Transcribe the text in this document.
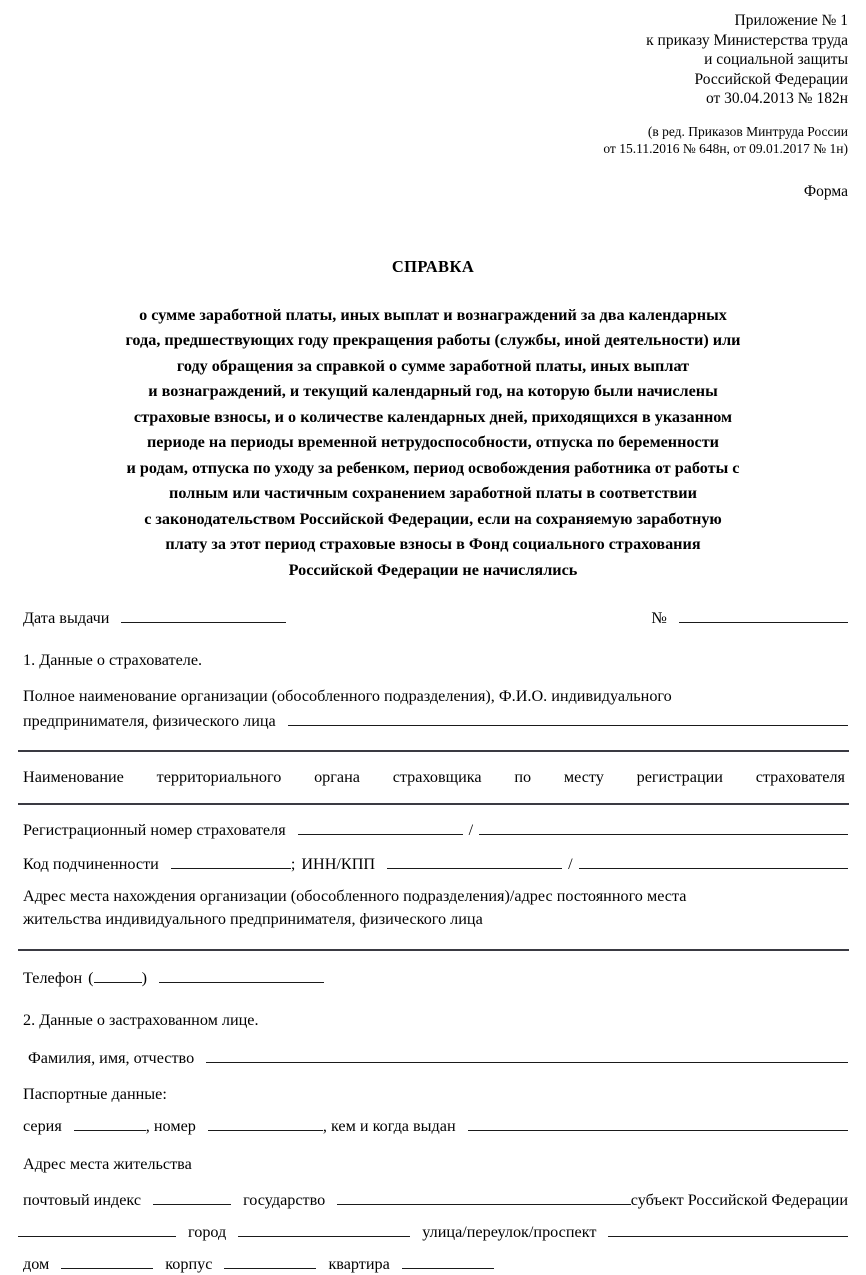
Приложение № 1
к приказу Министерства труда
и социальной защиты
Российской Федерации
от 30.04.2013 № 182н
(в ред. Приказов Минтруда России
от 15.11.2016 № 648н, от 09.01.2017 № 1н)
Форма
СПРАВКА
о сумме заработной платы, иных выплат и вознаграждений за два календарных
года, предшествующих году прекращения работы (службы, иной деятельности) или
году обращения за справкой о сумме заработной платы, иных выплат
и вознаграждений, и текущий календарный год, на которую были начислены
страховые взносы, и о количестве календарных дней, приходящихся в указанном
периоде на периоды временной нетрудоспособности, отпуска по беременности
и родам, отпуска по уходу за ребенком, период освобождения работника от работы с
полным или частичным сохранением заработной платы в соответствии
с законодательством Российской Федерации, если на сохраняемую заработную
плату за этот период страховые взносы в Фонд социального страхования
Российской Федерации не начислялись
Дата выдачи	№
1. Данные о страхователе.
Полное наименование организации (обособленного подразделения), Ф.И.О. индивидуального
предпринимателя, физического лица
Наименование территориального органа страховщика по месту регистрации страхователя
Регистрационный номер страхователя	/
Код подчиненности	; ИНН/КПП	/
Адрес места нахождения организации (обособленного подразделения)/адрес постоянного места
жительства индивидуального предпринимателя, физического лица
Телефон (	)
2. Данные о застрахованном лице.
Фамилия, имя, отчество
Паспортные данные:
серия	, номер	, кем и когда выдан
Адрес места жительства
почтовый индекс	государство	субъект Российской Федерации
город	улица/переулок/проспект
дом	корпус	квартира
